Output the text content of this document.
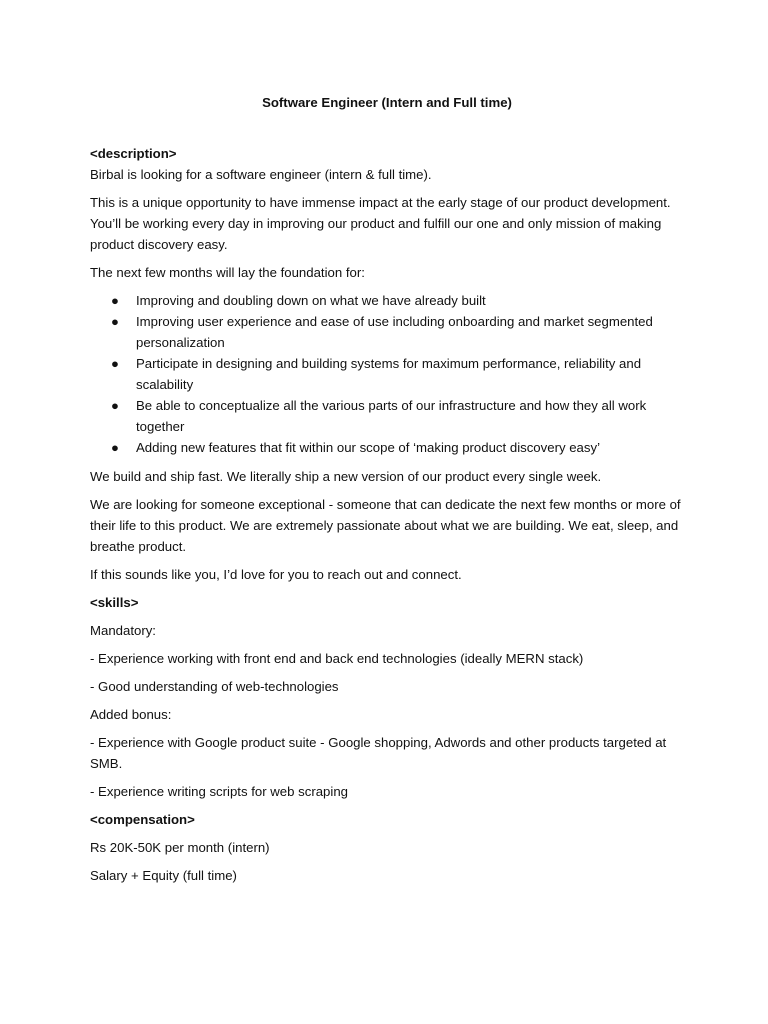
Software Engineer (Intern and Full time)
<description>

Birbal is looking for a software engineer (intern & full time).

This is a unique opportunity to have immense impact at the early stage of our product development. You’ll be working every day in improving our product and fulfill our one and only mission of making product discovery easy.

The next few months will lay the foundation for:

● Improving and doubling down on what we have already built
● Improving user experience and ease of use including onboarding and market segmented personalization
● Participate in designing and building systems for maximum performance, reliability and scalability
● Be able to conceptualize all the various parts of our infrastructure and how they all work together
● Adding new features that fit within our scope of ‘making product discovery easy’

We build and ship fast. We literally ship a new version of our product every single week.

We are looking for someone exceptional - someone that can dedicate the next few months or more of their life to this product. We are extremely passionate about what we are building. We eat, sleep, and breathe product.

If this sounds like you, I’d love for you to reach out and connect.

<skills>

Mandatory:

- Experience working with front end and back end technologies (ideally MERN stack)

- Good understanding of web-technologies

Added bonus:

- Experience with Google product suite - Google shopping, Adwords and other products targeted at SMB.

- Experience writing scripts for web scraping

<compensation>

Rs 20K-50K per month (intern)

Salary + Equity (full time)
